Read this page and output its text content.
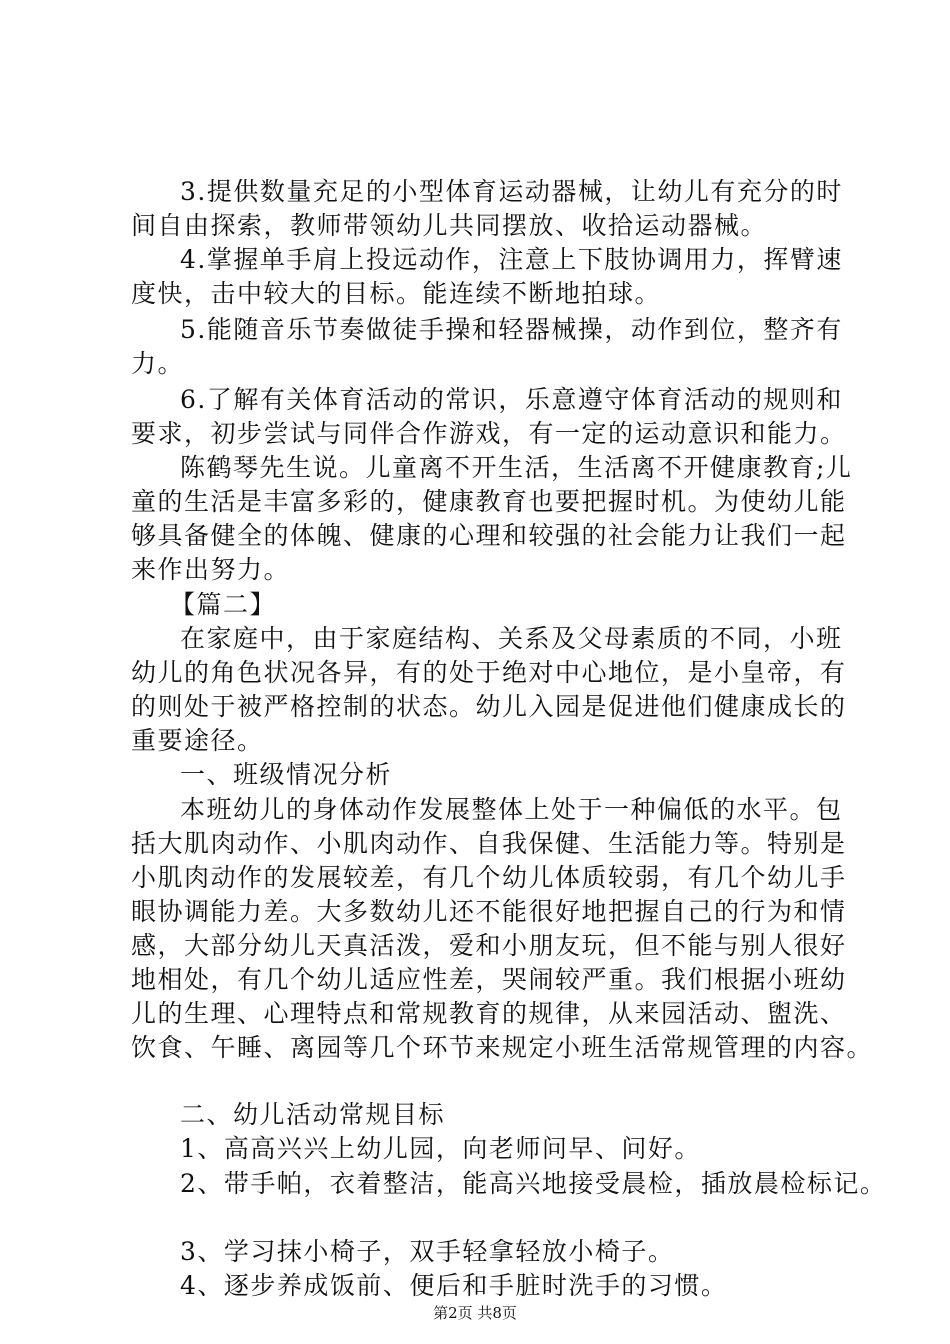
3.提供数量充足的小型体育运动器械，让幼儿有充分的时
间自由探索，教师带领幼儿共同摆放、收拾运动器械。
4.掌握单手肩上投远动作，注意上下肢协调用力，挥臂速
度快，击中较大的目标。能连续不断地拍球。
5.能随音乐节奏做徒手操和轻器械操，动作到位，整齐有
力。
6.了解有关体育活动的常识，乐意遵守体育活动的规则和
要求，初步尝试与同伴合作游戏，有一定的运动意识和能力。
陈鹤琴先生说。儿童离不开生活，生活离不开健康教育;儿
童的生活是丰富多彩的，健康教育也要把握时机。为使幼儿能
够具备健全的体魄、健康的心理和较强的社会能力让我们一起
来作出努力。
【篇二】
在家庭中，由于家庭结构、关系及父母素质的不同，小班
幼儿的角色状况各异，有的处于绝对中心地位，是小皇帝，有
的则处于被严格控制的状态。幼儿入园是促进他们健康成长的
重要途径。
一、班级情况分析
本班幼儿的身体动作发展整体上处于一种偏低的水平。包
括大肌肉动作、小肌肉动作、自我保健、生活能力等。特别是
小肌肉动作的发展较差，有几个幼儿体质较弱，有几个幼儿手
眼协调能力差。大多数幼儿还不能很好地把握自己的行为和情
感，大部分幼儿天真活泼，爱和小朋友玩，但不能与别人很好
地相处，有几个幼儿适应性差，哭闹较严重。我们根据小班幼
儿的生理、心理特点和常规教育的规律，从来园活动、盥洗、
饮食、午睡、离园等几个环节来规定小班生活常规管理的内容。
二、幼儿活动常规目标
1、高高兴兴上幼儿园，向老师问早、问好。
2、带手帕，衣着整洁，能高兴地接受晨检，插放晨检标记。
3、学习抹小椅子，双手轻拿轻放小椅子。
4、逐步养成饭前、便后和手脏时洗手的习惯。
第2页 共8页
